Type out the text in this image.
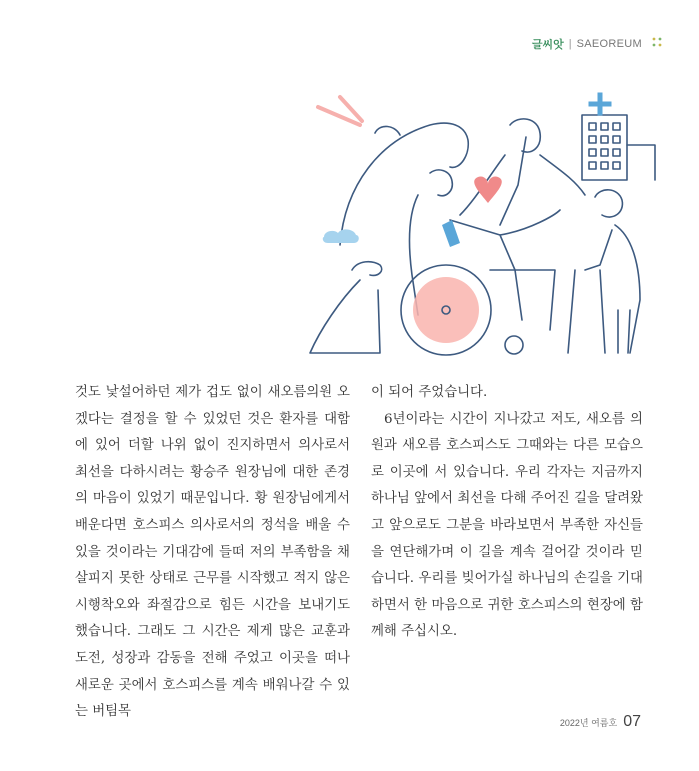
글씨앗 | SAEOREUM

것도 낯설어하던 제가 겁도 없이 새오름의원 오겠다는 결정을 할 수 있었던 것은 환자를 대함에 있어 더할 나위 없이 진지하면서 의사로서 최선을 다하시려는 황승주 원장님에 대한 존경의 마음이 있었기 때문입니다. 황 원장님에게서 배운다면 호스피스 의사로서의 정석을 배울 수 있을 것이라는 기대감에 들떠 저의 부족함을 채 살피지 못한 상태로 근무를 시작했고 적지 않은 시행착오와 좌절감으로 힘든 시간을 보내기도 했습니다. 그래도 그 시간은 제게 많은 교훈과 도전, 성장과 감동을 전해 주었고 이곳을 떠나 새로운 곳에서 호스피스를 계속 배워나갈 수 있는 버팀목

이 되어 주었습니다.

6년이라는 시간이 지나갔고 저도, 새오름 의원과 새오름 호스피스도 그때와는 다른 모습으로 이곳에 서 있습니다. 우리 각자는 지금까지 하나님 앞에서 최선을 다해 주어진 길을 달려왔고 앞으로도 그분을 바라보면서 부족한 자신들을 연단해가며 이 길을 계속 걸어갈 것이라 믿습니다. 우리를 빚어가실 하나님의 손길을 기대하면서 한 마음으로 귀한 호스피스의 현장에 함께해 주십시오.

2022년 여름호 07
